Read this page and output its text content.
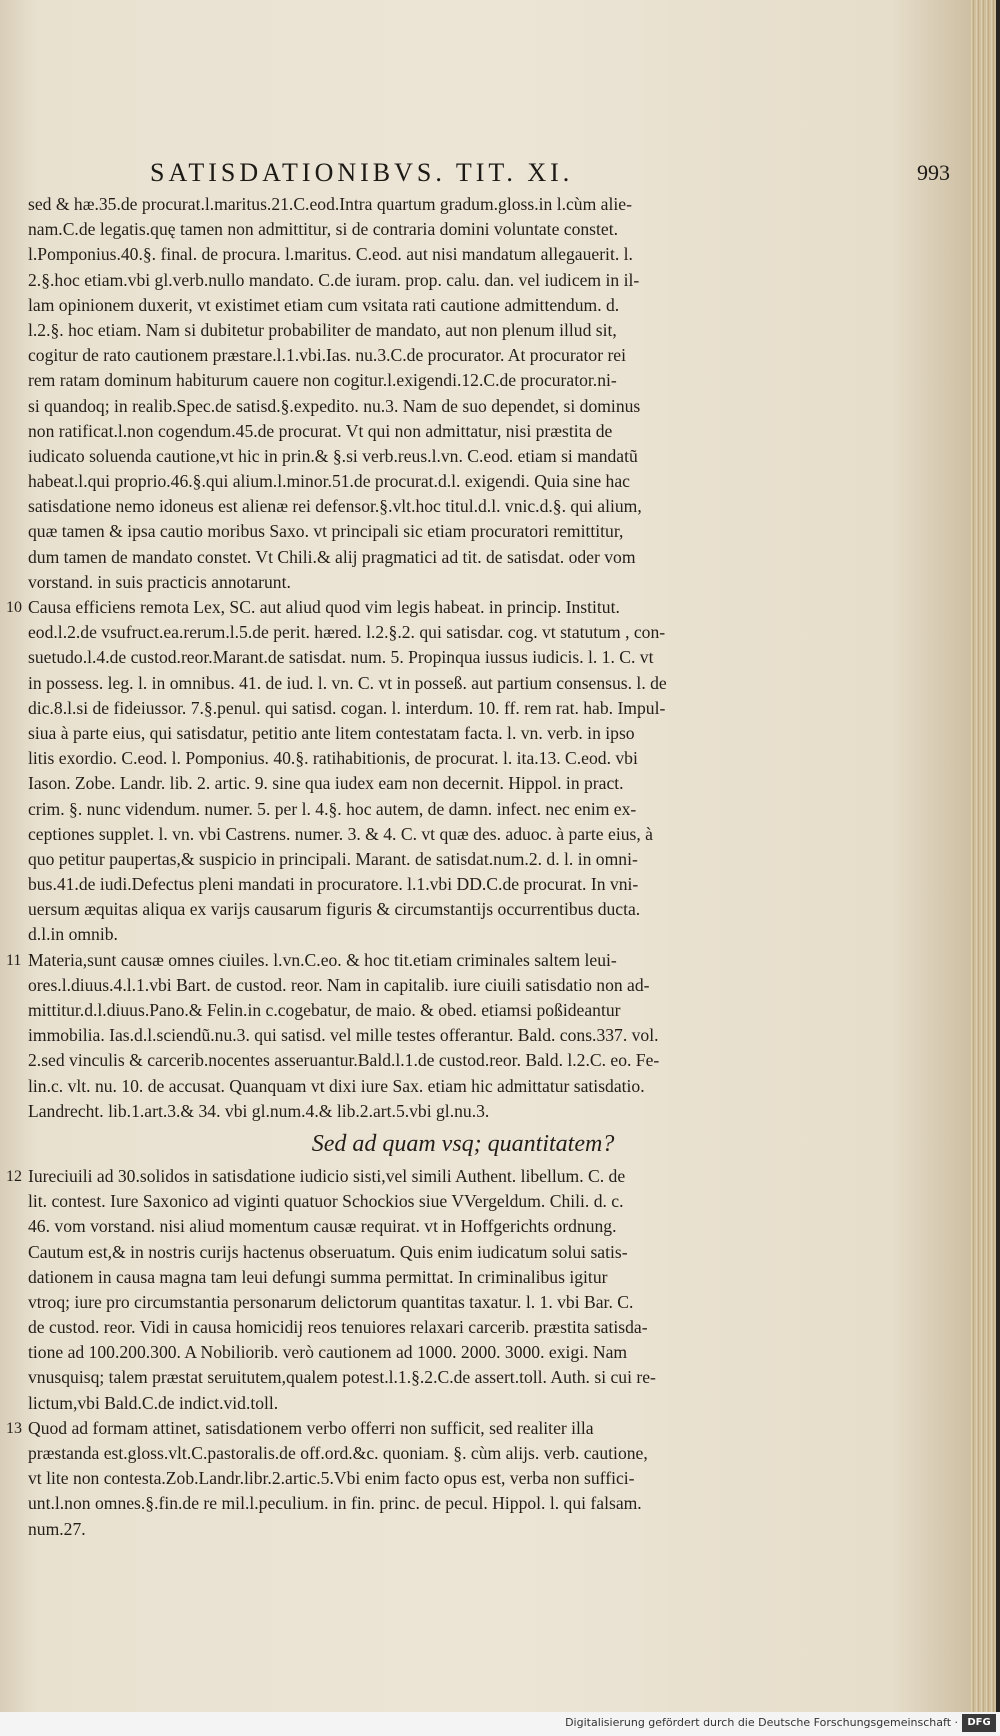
SATISDATIONIBVS. TIT. XI.	993
sed & hæ.35.de procurat.l.maritus.21.C.eod.Intra quartum gradum.gloss.in l.cùm alie-
nam.C.de legatis.quę tamen non admittitur, si de contraria domini voluntate constet.
l.Pomponius.40.§. final. de procura. l.maritus. C.eod. aut nisi mandatum allegauerit. l.
2.§.hoc etiam.vbi gl.verb.nullo mandato. C.de iuram. prop. calu. dan. vel iudicem in il-
lam opinionem duxerit, vt existimet etiam cum vsitata rati cautione admittendum. d.
l.2.§. hoc etiam. Nam si dubitetur probabiliter de mandato, aut non plenum illud sit,
cogitur de rato cautionem præstare.l.1.vbi.Ias. nu.3.C.de procurator. At procurator rei
rem ratam dominum habiturum cauere non cogitur.l.exigendi.12.C.de procurator.ni-
si quandoq; in realib.Spec.de satisd.§.expedito. nu.3. Nam de suo dependet, si dominus
non ratificat.l.non cogendum.45.de procurat. Vt qui non admittatur, nisi præstita de
iudicato soluenda cautione,vt hic in prin.& §.si verb.reus.l.vn. C.eod. etiam si mandatũ
habeat.l.qui proprio.46.§.qui alium.l.minor.51.de procurat.d.l. exigendi. Quia sine hac
satisdatione nemo idoneus est alienæ rei defensor.§.vlt.hoc titul.d.l. vnic.d.§. qui alium,
quæ tamen & ipsa cautio moribus Saxo. vt principali sic etiam procuratori remittitur,
dum tamen de mandato constet. Vt Chili.& alij pragmatici ad tit. de satisdat. oder vom
vorstand. in suis practicis annotarunt.
10 Causa efficiens remota Lex, SC. aut aliud quod vim legis habeat. in princip. Institut.
eod.l.2.de vsufruct.ea.rerum.l.5.de perit. hæred. l.2.§.2. qui satisdar. cog. vt statutum , con-
suetudo.l.4.de custod.reor.Marant.de satisdat. num. 5. Propinqua iussus iudicis. l. 1. C. vt
in possess. leg. l. in omnibus. 41. de iud. l. vn. C. vt in posseß. aut partium consensus. l. de
dic.8.l.si de fideiussor. 7.§.penul. qui satisd. cogan. l. interdum. 10. ff. rem rat. hab. Impul-
siua à parte eius, qui satisdatur, petitio ante litem contestatam facta. l. vn. verb. in ipso
litis exordio. C.eod. l. Pomponius. 40.§. ratihabitionis, de procurat. l. ita.13. C.eod. vbi
Iason. Zobe. Landr. lib. 2. artic. 9. sine qua iudex eam non decernit. Hippol. in pract.
crim. §. nunc videndum. numer. 5. per l. 4.§. hoc autem, de damn. infect. nec enim ex-
ceptiones supplet. l. vn. vbi Castrens. numer. 3. & 4. C. vt quæ des. aduoc. à parte eius, à
quo petitur paupertas,& suspicio in principali. Marant. de satisdat.num.2. d. l. in omni-
bus.41.de iudi.Defectus pleni mandati in procuratore. l.1.vbi DD.C.de procurat. In vni-
uersum æquitas aliqua ex varijs causarum figuris & circumstantijs occurrentibus ducta.
d.l.in omnib.
11 Materia,sunt causæ omnes ciuiles. l.vn.C.eo. & hoc tit.etiam criminales saltem leui-
ores.l.diuus.4.l.1.vbi Bart. de custod. reor. Nam in capitalib. iure ciuili satisdatio non ad-
mittitur.d.l.diuus.Pano.& Felin.in c.cogebatur, de maio. & obed. etiamsi poßideantur
immobilia. Ias.d.l.sciendũ.nu.3. qui satisd. vel mille testes offerantur. Bald. cons.337. vol.
2.sed vinculis & carcerib.nocentes asseruantur.Bald.l.1.de custod.reor. Bald. l.2.C. eo. Fe-
lin.c. vlt. nu. 10. de accusat. Quanquam vt dixi iure Sax. etiam hic admittatur satisdatio.
Landrecht. lib.1.art.3.& 34. vbi gl.num.4.& lib.2.art.5.vbi gl.nu.3.
Sed ad quam vsq; quantitatem?
12 Iureciuili ad 30.solidos in satisdatione iudicio sisti,vel simili Authent. libellum. C. de
lit. contest. Iure Saxonico ad viginti quatuor Schockios siue VVergeldum. Chili. d. c.
46. vom vorstand. nisi aliud momentum causæ requirat. vt in Hoffgerichts ordnung.
Cautum est,& in nostris curijs hactenus obseruatum. Quis enim iudicatum solui satis-
dationem in causa magna tam leui defungi summa permittat. In criminalibus igitur
vtroq; iure pro circumstantia personarum delictorum quantitas taxatur. l. 1. vbi Bar. C.
de custod. reor. Vidi in causa homicidij reos tenuiores relaxari carcerib. præstita satisda-
tione ad 100.200.300. A Nobiliorib. verò cautionem ad 1000. 2000. 3000. exigi. Nam
vnusquisq; talem præstat seruitutem,qualem potest.l.1.§.2.C.de assert.toll. Auth. si cui re-
lictum,vbi Bald.C.de indict.vid.toll.
13 Quod ad formam attinet, satisdationem verbo offerri non sufficit, sed realiter illa
præstanda est.gloss.vlt.C.pastoralis.de off.ord.&c. quoniam. §. cùm alijs. verb. cautione,
vt lite non contesta.Zob.Landr.libr.2.artic.5.Vbi enim facto opus est, verba non suffici-
unt.l.non omnes.§.fin.de re mil.l.peculium. in fin. princ. de pecul. Hippol. l. qui falsam.
num.27.
Digitalisierung gefördert durch die Deutsche Forschungsgemeinschaft · DFG
